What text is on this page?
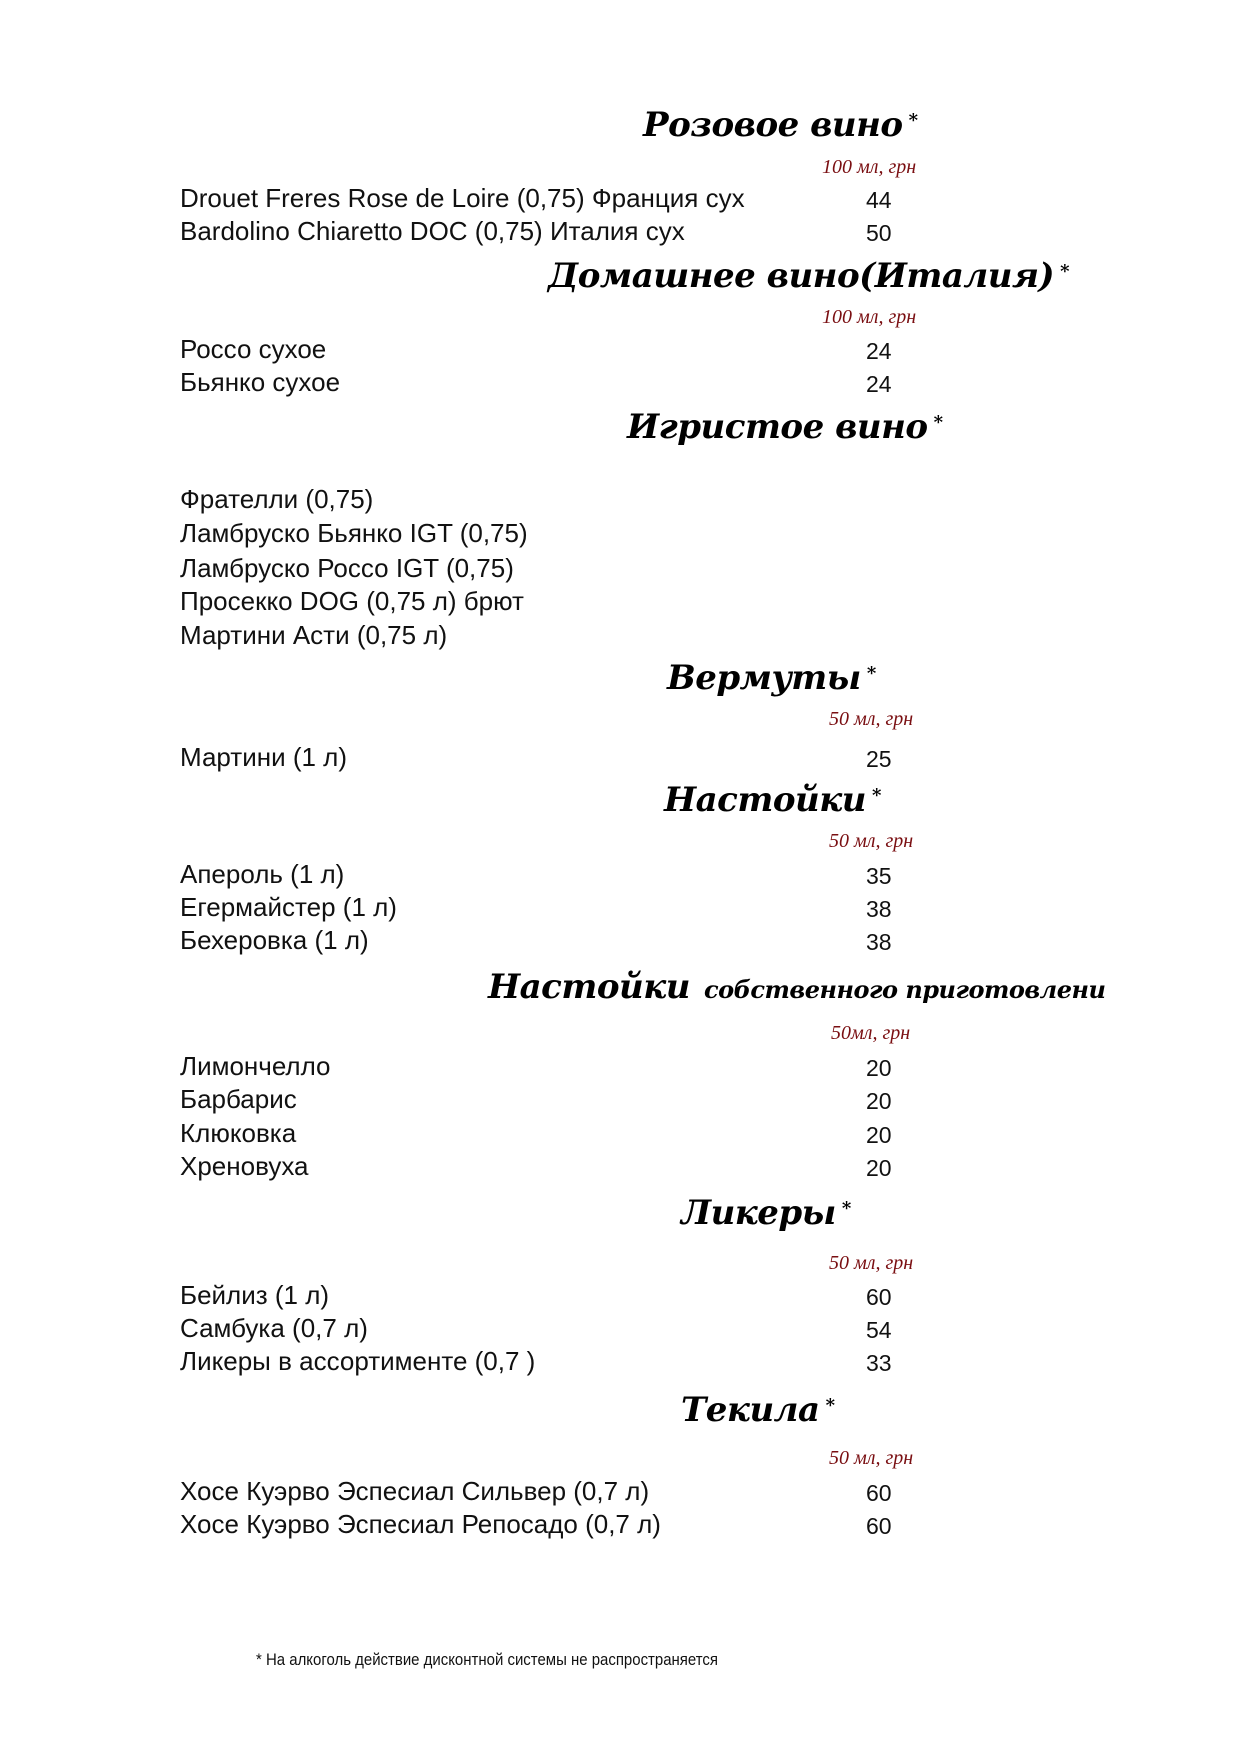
Розовое вино *
100 мл, грн
Drouet Freres Rose de Loire (0,75) Франция сух	44
Bardolino Chiaretto DOC (0,75) Италия сух	50
Домашнее вино(Италия) *
100 мл, грн
Россо сухое	24
Бьянко сухое	24
Игристое вино *
Фрателли (0,75)
Ламбруско Бьянко IGT (0,75)
Ламбруско Россо IGT (0,75)
Просекко DOG (0,75 л) брют
Мартини Асти (0,75 л)
Вермуты *
50 мл, грн
Мартини (1 л)	25
Настойки *
50 мл, грн
Апероль (1 л)	35
Егермайстер (1 л)	38
Бехеровка (1 л)	38
Настойки собственного приготовлени
50мл, грн
Лимончелло	20
Барбарис	20
Клюковка	20
Хреновуха	20
Ликеры *
50 мл, грн
Бейлиз (1 л)	60
Самбука (0,7 л)	54
Ликеры в ассортименте (0,7 )	33
Текила *
50 мл, грн
Хосе Куэрво Эспесиал Сильвер (0,7 л)	60
Хосе Куэрво Эспесиал Репосадо (0,7 л)	60
* На алкоголь действие дисконтной системы не распространяется
